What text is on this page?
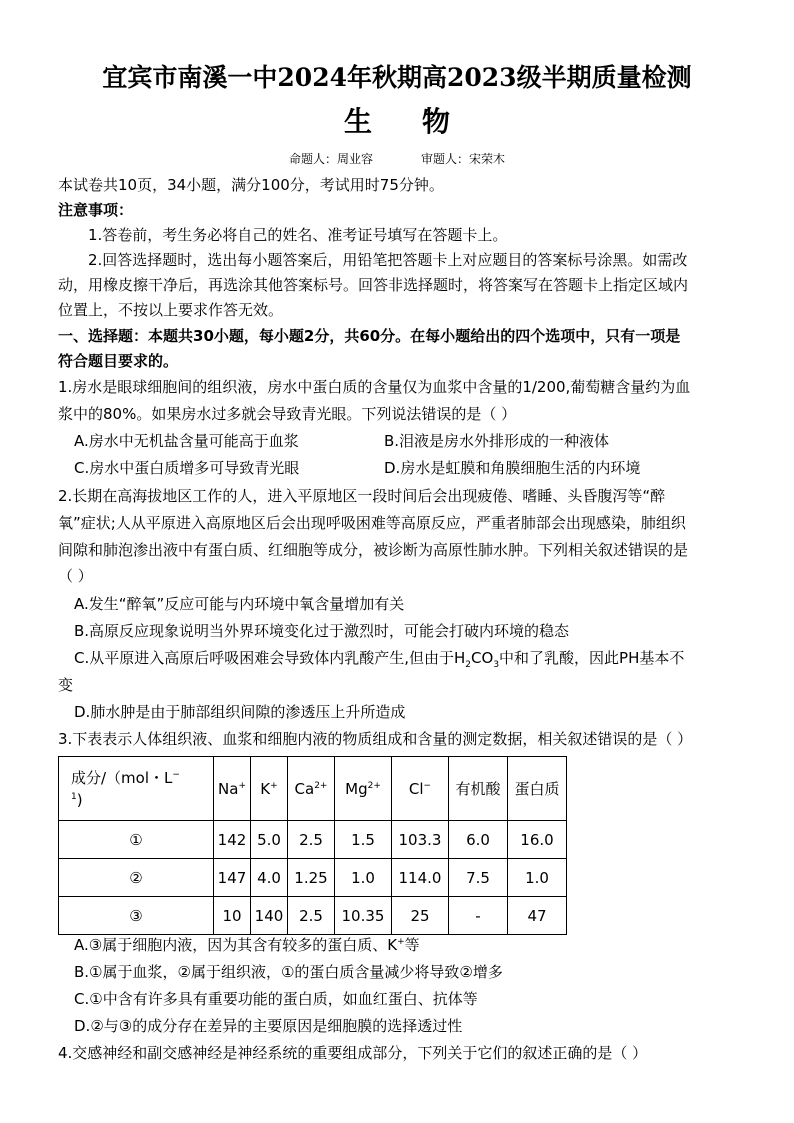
宜宾市南溪一中2024年秋期高2023级半期质量检测
生 物
命题人：周业容	审题人：宋荣木
本试卷共10页，34小题，满分100分，考试用时75分钟。
注意事项：
1.答卷前，考生务必将自己的姓名、准考证号填写在答题卡上。
2.回答选择题时，选出每小题答案后，用铅笔把答题卡上对应题目的答案标号涂黑。如需改
动，用橡皮擦干净后，再选涂其他答案标号。回答非选择题时，将答案写在答题卡上指定区域内
位置上，不按以上要求作答无效。
一、选择题：本题共30小题，每小题2分，共60分。在每小题给出的四个选项中，只有一项是
符合题目要求的。
1.房水是眼球细胞间的组织液，房水中蛋白质的含量仅为血浆中含量的1/200,葡萄糖含量约为血
浆中的80%。如果房水过多就会导致青光眼。下列说法错误的是（ ）
A.房水中无机盐含量可能高于血浆	B.泪液是房水外排形成的一种液体
C.房水中蛋白质增多可导致青光眼	D.房水是虹膜和角膜细胞生活的内环境
2.长期在高海拔地区工作的人，进入平原地区一段时间后会出现疲倦、嗜睡、头昏腹泻等“醉
氧”症状;人从平原进入高原地区后会出现呼吸困难等高原反应，严重者肺部会出现感染，肺组织
间隙和肺泡渗出液中有蛋白质、红细胞等成分，被诊断为高原性肺水肿。下列相关叙述错误的是
（ ）
A.发生“醉氧”反应可能与内环境中氧含量增加有关
B.高原反应现象说明当外界环境变化过于激烈时，可能会打破内环境的稳态
C.从平原进入高原后呼吸困难会导致体内乳酸产生,但由于$H_2CO_3$中和了乳酸，因此PH基本不
变
D.肺水肿是由于肺部组织间隙的渗透压上升所造成
3.下表表示人体组织液、血浆和细胞内液的物质组成和含量的测定数据，相关叙述错误的是（ ）
成分/（mol・L−
$^1$)	Na+	K+	$Ca^{2+}$	$Mg^{2+}$	Cl−	有机酸	蛋白质
①	142	5.0	2.5	1.5	103.3	6.0	16.0
②	147	4.0	1.25	1.0	114.0	7.5	1.0
③	10	140	2.5	10.35	25	-	47
A.③属于细胞内液，因为其含有较多的蛋白质、K+等
B.①属于血浆，②属于组织液，①的蛋白质含量减少将导致②增多
C.①中含有许多具有重要功能的蛋白质，如血红蛋白、抗体等
D.②与③的成分存在差异的主要原因是细胞膜的选择透过性
4.交感神经和副交感神经是神经系统的重要组成部分，下列关于它们的叙述正确的是（ ）
